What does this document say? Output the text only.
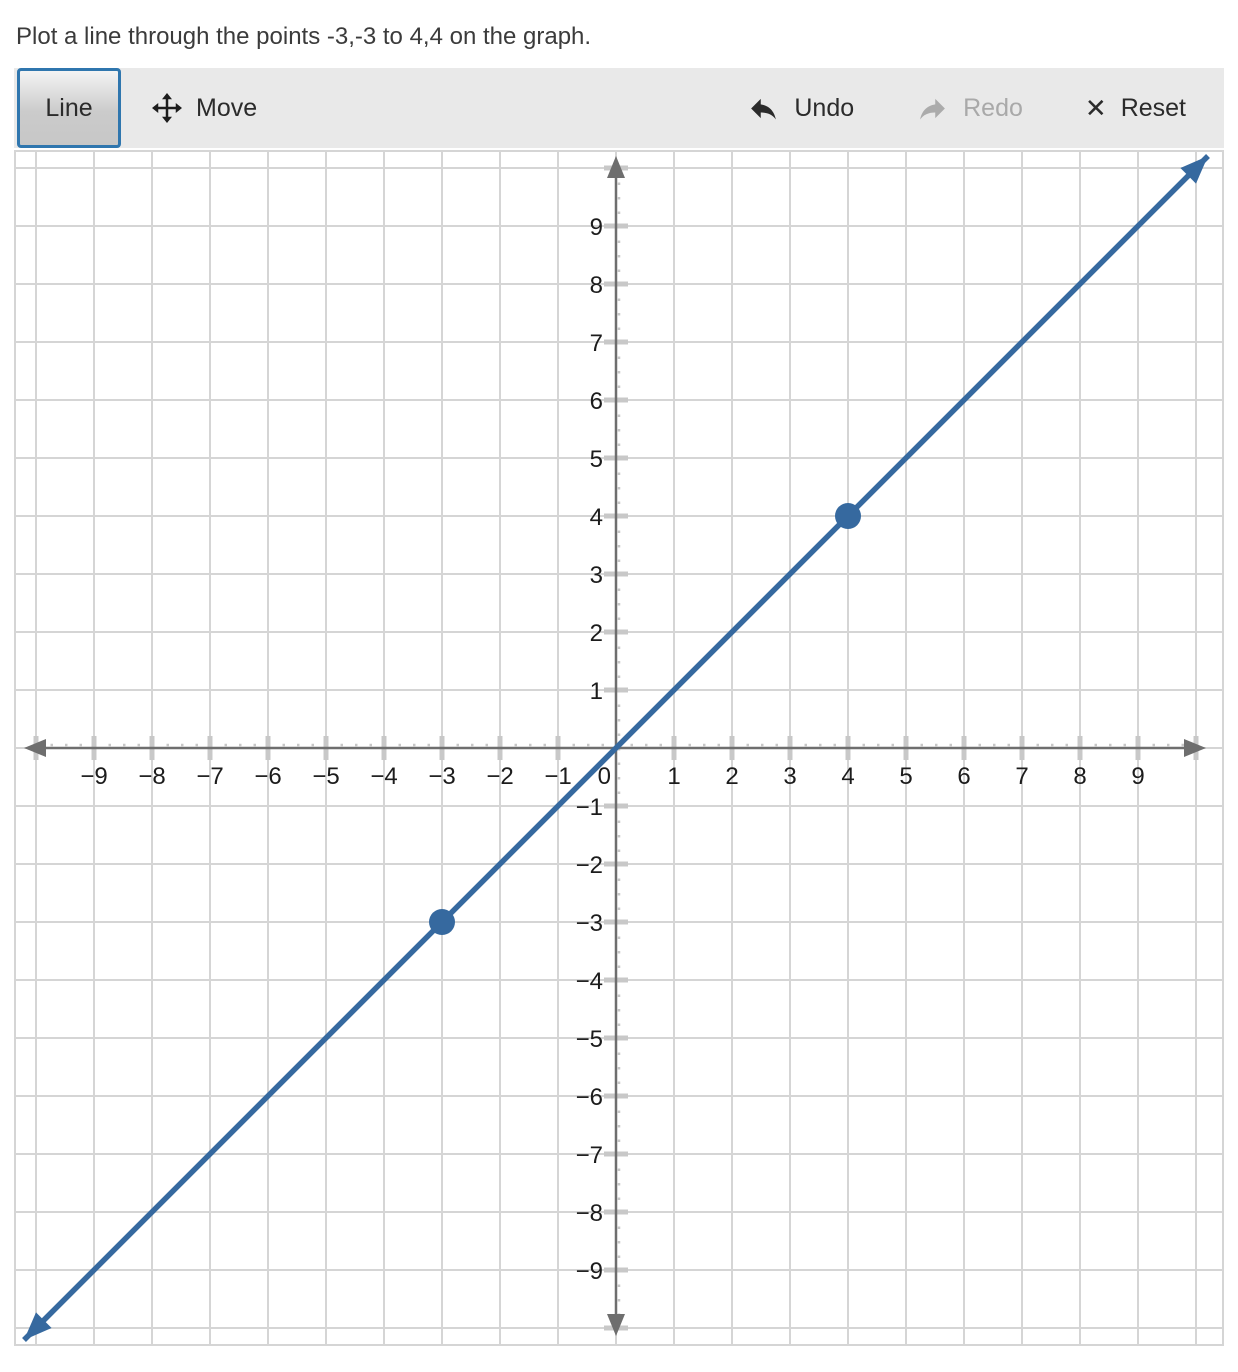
Plot a line through the points -3,-3 to 4,4 on the graph.
Line	Move	Undo	Redo ✕ Reset
−9 −8 −7 −6 −5 −4 −3 −2 −1	1 2 3 4 5 6 7 8 9
−9
−8
−7
−6
−5
−4
−3
−2
−1
1
2
3
4
5
6
7
8
9
0
